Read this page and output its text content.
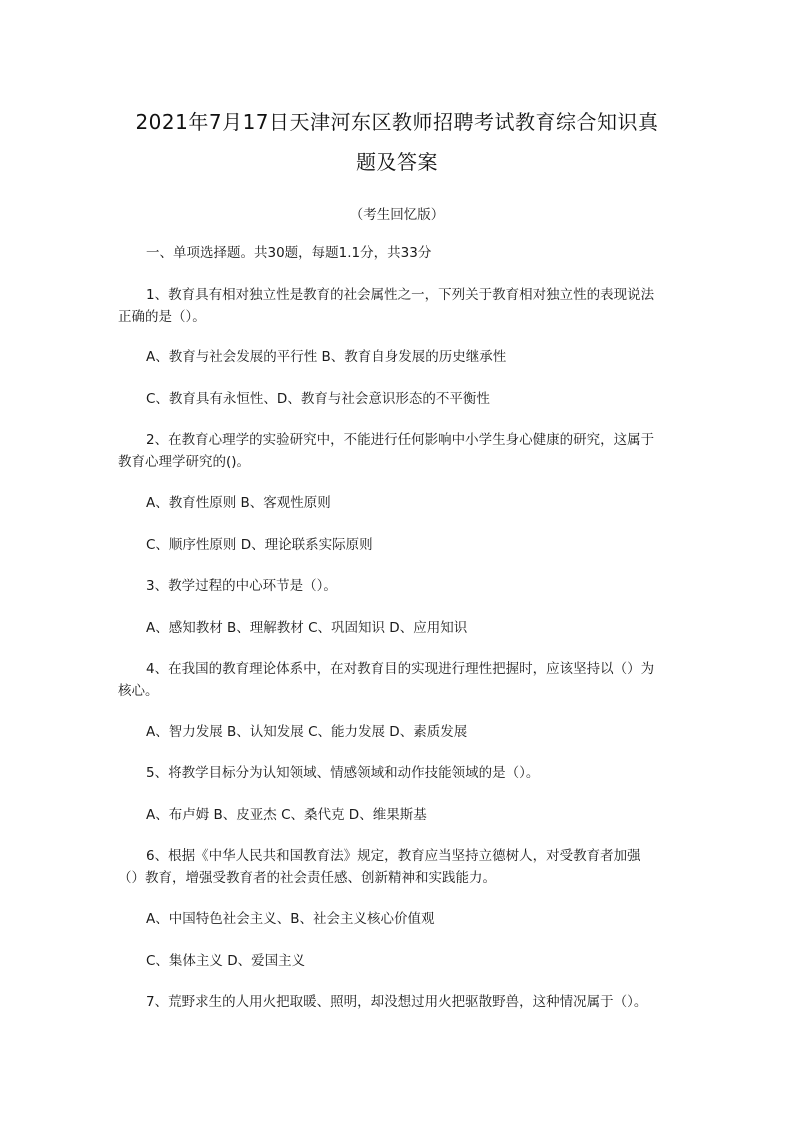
2021年7月17日天津河东区教师招聘考试教育综合知识真
题及答案
（考生回忆版）
一、单项选择题。共30题，每题1.1分，共33分
1、教育具有相对独立性是教育的社会属性之一，下列关于教育相对独立性的表现说法
正确的是（）。
A、教育与社会发展的平行性 B、教育自身发展的历史继承性
C、教育具有永恒性、D、教育与社会意识形态的不平衡性
2、在教育心理学的实验研究中，不能进行任何影响中小学生身心健康的研究，这属于
教育心理学研究的()。
A、教育性原则 B、客观性原则
C、顺序性原则 D、理论联系实际原则
3、教学过程的中心环节是（）。
A、感知教材 B、理解教材 C、巩固知识 D、应用知识
4、在我国的教育理论体系中，在对教育目的实现进行理性把握时，应该坚持以（）为
核心。
A、智力发展 B、认知发展 C、能力发展 D、素质发展
5、将教学目标分为认知领域、情感领域和动作技能领域的是（）。
A、布卢姆 B、皮亚杰 C、桑代克 D、维果斯基
6、根据《中华人民共和国教育法》规定，教育应当坚持立德树人，对受教育者加强
（）教育，增强受教育者的社会责任感、创新精神和实践能力。
A、中国特色社会主义、B、社会主义核心价值观
C、集体主义 D、爱国主义
7、荒野求生的人用火把取暖、照明，却没想过用火把驱散野兽，这种情况属于（）。
